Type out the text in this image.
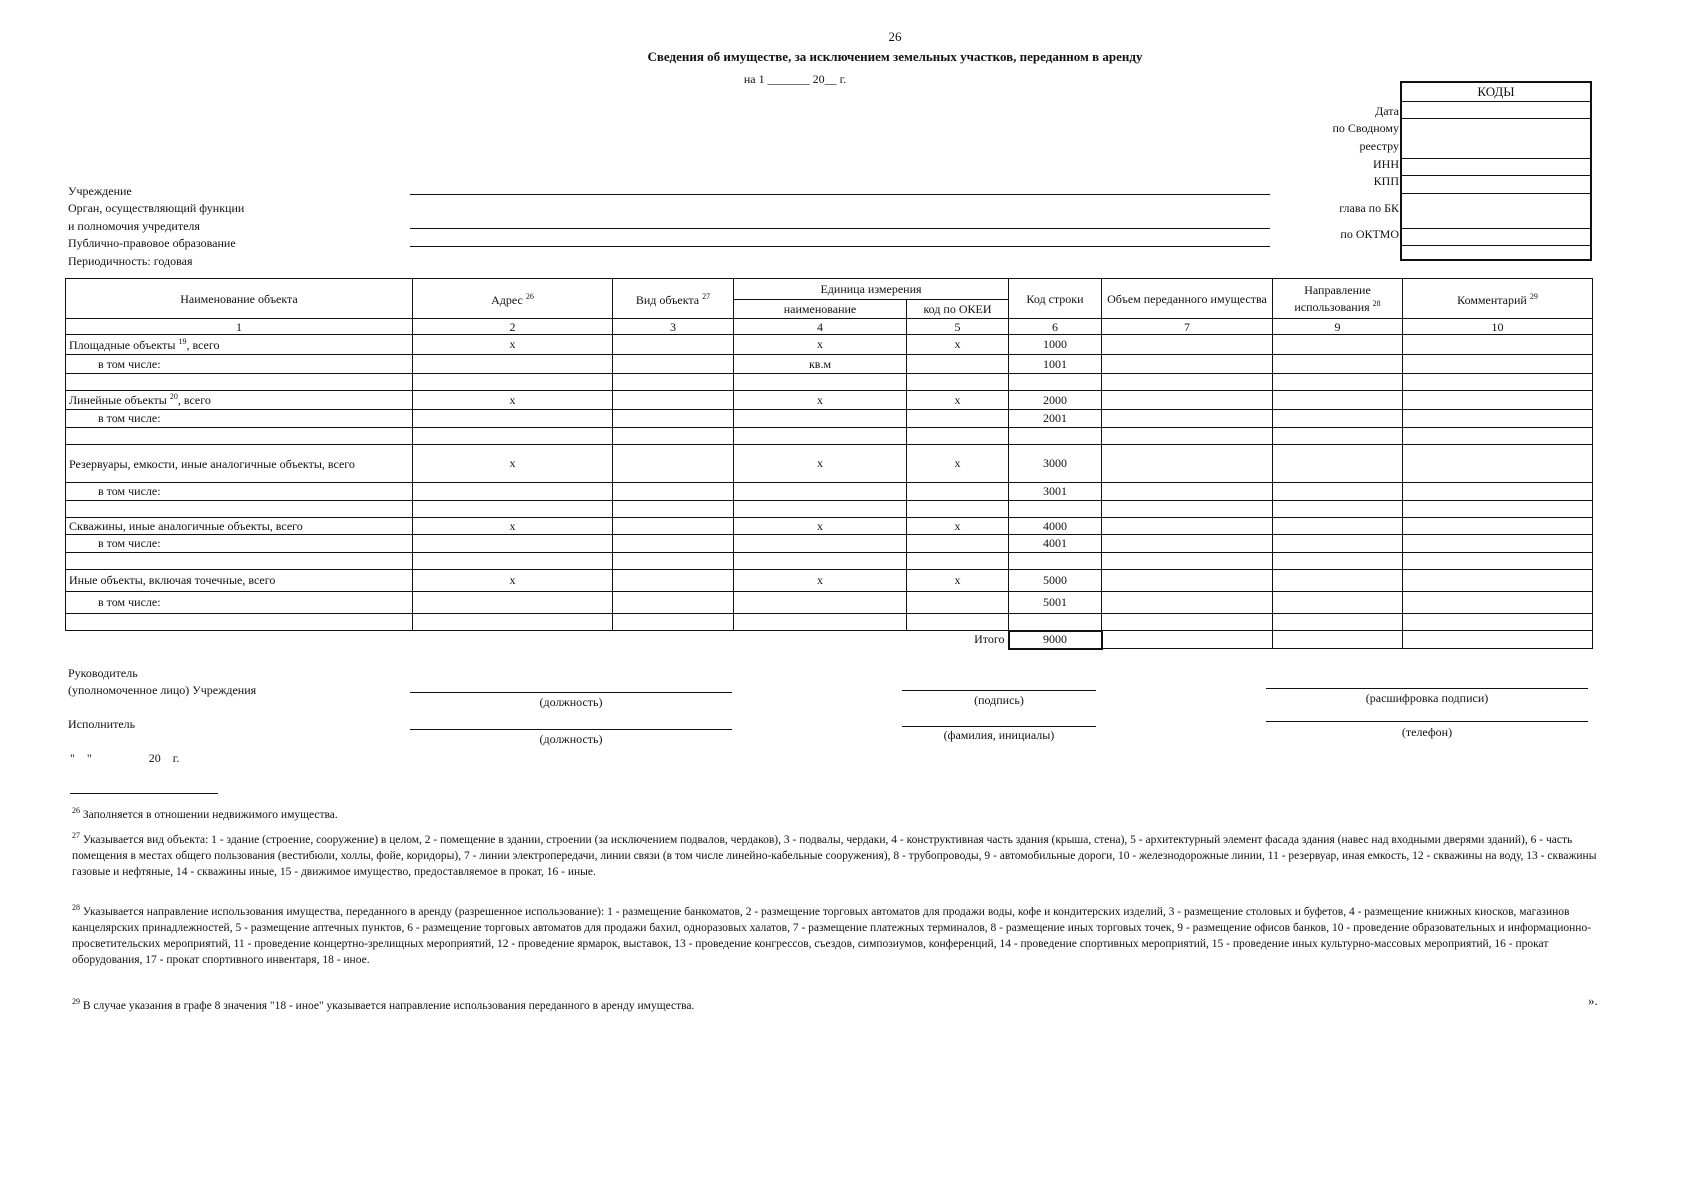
26
Сведения об имуществе, за исключением земельных участков, переданном в аренду
на 1 _______ 20__ г.
КОДЫ
Дата
по Сводному
реестру
ИНН
КПП
глава по БК
по ОКТМО
Учреждение
Орган, осуществляющий функции
и полномочия учредителя
Публично-правовое образование
Периодичность: годовая
Наименование объекта	Адрес $^{26}$	Вид объекта $^{27}$	Единица измерения		Код строки	Объем переданного имущества	Направление использования $^{28}$	Комментарий $^{29}$
			наименование	код по ОКЕИ				
1	2	3	4	5	6	7	9	10
Площадные объекты $^{19}$, всего	x		x	x	1000			
в том числе:			кв.м		1001			

Линейные объекты $^{20}$, всего	x		x	x	2000			
в том числе:					2001			

Резервуары, емкости, иные аналогичные объекты, всего	x		x	x	3000			
в том числе:					3001			

Скважины, иные аналогичные объекты, всего	x		x	x	4000			
в том числе:					4001			

Иные объекты, включая точечные, всего	x		x	x	5000			
в том числе:					5001			

Итого					9000			
Руководитель
(уполномоченное лицо) Учреждения
(должность)	(подпись)	(расшифровка подписи)
Исполнитель
(должность)	(фамилия, инициалы)	(телефон)
"    "                   20    г.
$^{26}$ Заполняется в отношении недвижимого имущества.
$^{27}$ Указывается вид объекта: 1 - здание (строение, сооружение) в целом, 2 - помещение в здании, строении (за исключением подвалов, чердаков), 3 - подвалы, чердаки, 4 - конструктивная часть здания (крыша, стена), 5 - архитектурный элемент фасада здания (навес над входными дверями зданий), 6 - часть помещения в местах общего пользования (вестибюли, холлы, фойе, коридоры), 7 - линии электропередачи, линии связи (в том числе линейно-кабельные сооружения), 8 - трубопроводы, 9 - автомобильные дороги, 10 - железнодорожные линии, 11 - резервуар, иная емкость, 12 - скважины на воду, 13 - скважины газовые и нефтяные, 14 - скважины иные, 15 - движимое имущество, предоставляемое в прокат, 16 - иные.
$^{28}$ Указывается направление использования имущества, переданного в аренду (разрешенное использование): 1 - размещение банкоматов, 2 - размещение торговых автоматов для продажи воды, кофе и кондитерских изделий, 3 - размещение столовых и буфетов, 4 - размещение книжных киосков, магазинов канцелярских принадлежностей, 5 - размещение аптечных пунктов, 6 - размещение торговых автоматов для продажи бахил, одноразовых халатов, 7 - размещение платежных терминалов, 8 - размещение иных торговых точек, 9 - размещение офисов банков, 10 - проведение образовательных и информационно-просветительских мероприятий, 11 - проведение концертно-зрелищных мероприятий, 12 - проведение ярмарок, выставок, 13 - проведение конгрессов, съездов, симпозиумов, конференций, 14 - проведение спортивных мероприятий, 15 - проведение иных культурно-массовых мероприятий, 16 - прокат оборудования, 17 - прокат спортивного инвентаря, 18 - иное.
$^{29}$ В случае указания в графе 8 значения "18 - иное" указывается направление использования переданного в аренду имущества.	».
